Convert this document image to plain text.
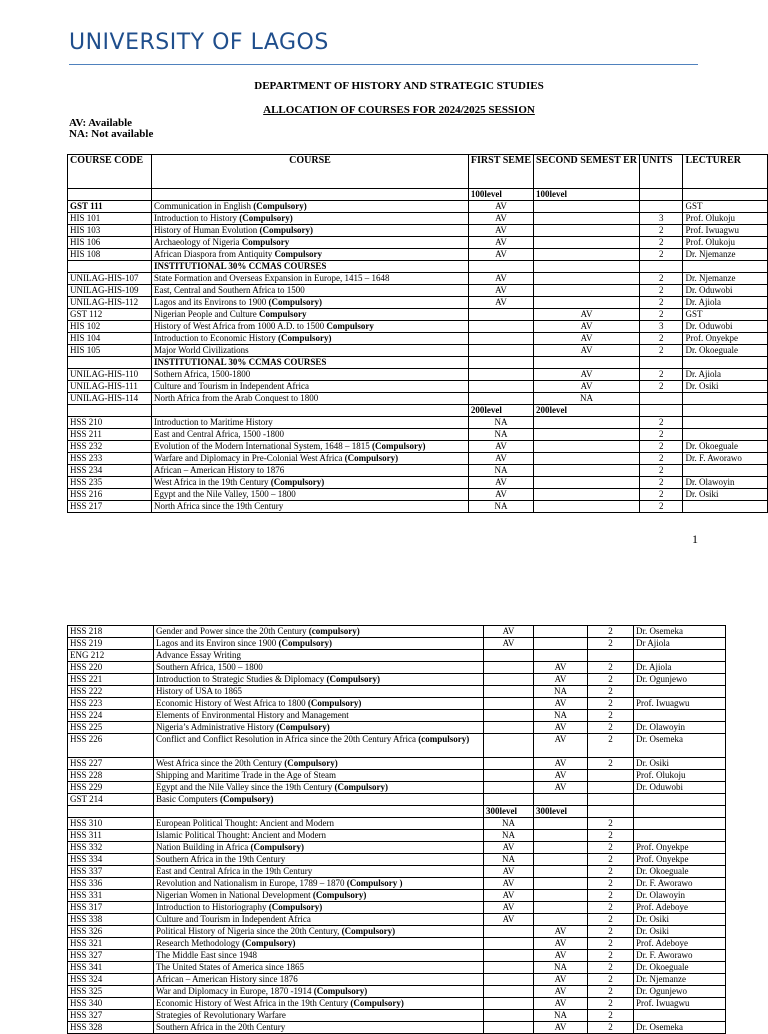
UNIVERSITY OF LAGOS
DEPARTMENT OF HISTORY AND STRATEGIC STUDIES
ALLOCATION OF COURSES FOR 2024/2025 SESSION
AV: Available
NA: Not available
COURSE CODE	COURSE	FIRST SEME	SECOND SEMEST ER	UNITS	LECTURER
		100level	100level		
GST 111	Communication in English (Compulsory)	AV			GST
HIS 101	Introduction to History (Compulsory)	AV		3	Prof. Olukoju
HIS 103	History of Human Evolution (Compulsory)	AV		2	Prof. Iwuagwu
HIS 106	Archaeology of Nigeria Compulsory	AV		2	Prof. Olukoju
HIS 108	African Diaspora from Antiquity Compulsory	AV		2	Dr. Njemanze
	INSTITUTIONAL 30% CCMAS COURSES				
UNILAG-HIS-107	State Formation and Overseas Expansion in Europe, 1415 – 1648	AV		2	Dr. Njemanze
UNILAG-HIS-109	East, Central and Southern Africa to 1500	AV		2	Dr. Oduwobi
UNILAG-HIS-112	Lagos and its Environs to 1900 (Compulsory)	AV		2	Dr. Ajiola
GST 112	Nigerian People and Culture Compulsory		AV	2	GST
HIS 102	History of West Africa from 1000 A.D. to 1500 Compulsory		AV	3	Dr. Oduwobi
HIS 104	Introduction to Economic History (Compulsory)		AV	2	Prof. Onyekpe
HIS 105	Major World Civilizations		AV	2	Dr. Okoeguale
	INSTITUTIONAL 30% CCMAS COURSES				
UNILAG-HIS-110	Sothern Africa, 1500-1800		AV	2	Dr. Ajiola
UNILAG-HIS-111	Culture and Tourism in Independent Africa		AV	2	Dr. Osiki
UNILAG-HIS-114	North Africa from the Arab Conquest to 1800		NA		
		200level	200level		
HSS 210	Introduction to Maritime History	NA		2	
HSS 211	East and Central Africa, 1500 -1800	NA		2	
HSS 232	Evolution of the Modern International System, 1648 – 1815 (Compulsory)	AV		2	Dr. Okoeguale
HSS 233	Warfare and Diplomacy in Pre-Colonial West Africa (Compulsory)	AV		2	Dr. F. Aworawo
HSS 234	African – American History to 1876	NA		2	
HSS 235	West Africa in the 19th Century (Compulsory)	AV		2	Dr. Olawoyin
HSS 216	Egypt and the Nile Valley, 1500 – 1800	AV		2	Dr. Osiki
HSS 217	North Africa since the 19th Century	NA		2	
1
HSS 218	Gender and Power since the 20th Century (compulsory)	AV		2	Dr. Osemeka
HSS 219	Lagos and its Environ since 1900 (Compulsory)	AV		2	Dr Ajiola
ENG 212	Advance Essay Writing				
HSS 220	Southern Africa, 1500 – 1800		AV	2	Dr. Ajiola
HSS 221	Introduction to Strategic Studies & Diplomacy (Compulsory)		AV	2	Dr. Ogunjewo
HSS 222	History of USA to 1865		NA	2	
HSS 223	Economic History of West Africa to 1800 (Compulsory)		AV	2	Prof. Iwuagwu
HSS 224	Elements of Environmental History and Management		NA	2	
HSS 225	Nigeria’s Administrative History (Compulsory)		AV	2	Dr. Olawoyin
HSS 226	Conflict and Conflict Resolution in Africa since the 20th Century Africa (compulsory)		AV	2	Dr. Osemeka
HSS 227	West Africa since the 20th Century (Compulsory)		AV	2	Dr. Osiki
HSS 228	Shipping and Maritime Trade in the Age of Steam		AV		Prof. Olukoju
HSS 229	Egypt and the Nile Valley since the 19th Century (Compulsory)		AV		Dr. Oduwobi
GST 214	Basic Computers (Compulsory)				
		300level	300level		
HSS 310	European Political Thought: Ancient and Modern	NA		2	
HSS 311	Islamic Political Thought: Ancient and Modern	NA		2	
HSS 332	Nation Building in Africa (Compulsory)	AV		2	Prof. Onyekpe
HSS 334	Southern Africa in the 19th Century	NA		2	Prof. Onyekpe
HSS 337	East and Central Africa in the 19th Century	AV		2	Dr. Okoeguale
HSS 336	Revolution and Nationalism in Europe, 1789 – 1870 (Compulsory )	AV		2	Dr. F. Aworawo
HSS 331	Nigerian Women in National Development (Compulsory)	AV		2	Dr. Olawoyin
HSS 317	Introduction to Historiography (Compulsory)	AV		2	Prof. Adeboye
HSS 338	Culture and Tourism in Independent Africa	AV		2	Dr. Osiki
HSS 326	Political History of Nigeria since the 20th Century, (Compulsory)		AV	2	Dr. Osiki
HSS 321	Research Methodology (Compulsory)		AV	2	Prof. Adeboye
HSS 327	The Middle East since 1948		AV	2	Dr. F. Aworawo
HSS 341	The United States of America since 1865		NA	2	Dr. Okoeguale
HSS 324	African – American History since 1876		AV	2	Dr. Njemanze
HSS 325	War and Diplomacy in Europe, 1870 -1914 (Compulsory)		AV	2	Dr. Ogunjewo
HSS 340	Economic History of West Africa in the 19th Century (Compulsory)		AV	2	Prof. Iwuagwu
HSS 327	Strategies of Revolutionary Warfare		NA	2	
HSS 328	Southern Africa in the 20th Century		AV	2	Dr. Osemeka
